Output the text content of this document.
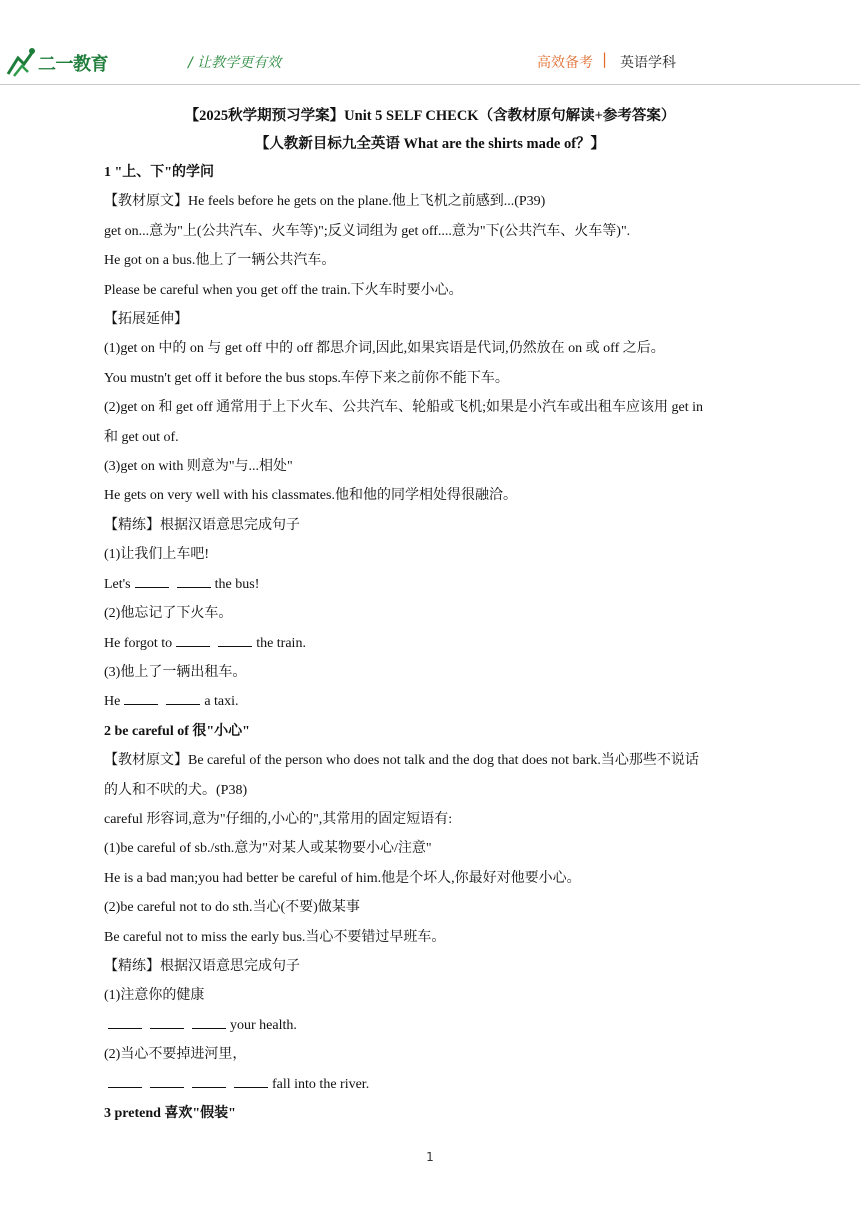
二一教育	/ 让教学更有效	高效备考 | 英语学科
【2025秋学期预习学案】Unit 5 SELF CHECK（含教材原句解读+参考答案）
【人教新目标九全英语 What are the shirts made of？】
1 "上、下"的学问
【教材原文】He feels before he gets on the plane.他上飞机之前感到...(P39)
get on...意为"上(公共汽车、火车等)";反义词组为 get off....意为"下(公共汽车、火车等)".
He got on a bus.他上了一辆公共汽车。
Please be careful when you get off the train.下火车时要小心。
【拓展延伸】
(1)get on 中的 on 与 get off 中的 off 都思介词,因此,如果宾语是代词,仍然放在 on 或 off 之后。
You mustn't get off it before the bus stops.车停下来之前你不能下车。
(2)get on 和 get off 通常用于上下火车、公共汽车、轮船或飞机;如果是小汽车或出租车应该用 get in
和 get out of.
(3)get on with 则意为"与...相处"
He gets on very well with his classmates.他和他的同学相处得很融洽。
【精练】根据汉语意思完成句子
(1)让我们上车吧!
Let's	the bus!
(2)他忘记了下火车。
He forgot to	the train.
(3)他上了一辆出租车。
He	a taxi.
2 be careful of 很"小心"
【教材原文】Be careful of the person who does not talk and the dog that does not bark.当心那些不说话
的人和不吠的犬。(P38)
careful 形容词,意为"仔细的,小心的",其常用的固定短语有:
(1)be careful of sb./sth.意为"对某人或某物要小心/注意"
He is a bad man;you had better be careful of him.他是个坏人,你最好对他要小心。
(2)be careful not to do sth.当心(不要)做某事
Be careful not to miss the early bus.当心不要错过早班车。
【精练】根据汉语意思完成句子
(1)注意你的健康
your health.
(2)当心不要掉进河里，
fall into the river.
3 pretend 喜欢"假装"
1
